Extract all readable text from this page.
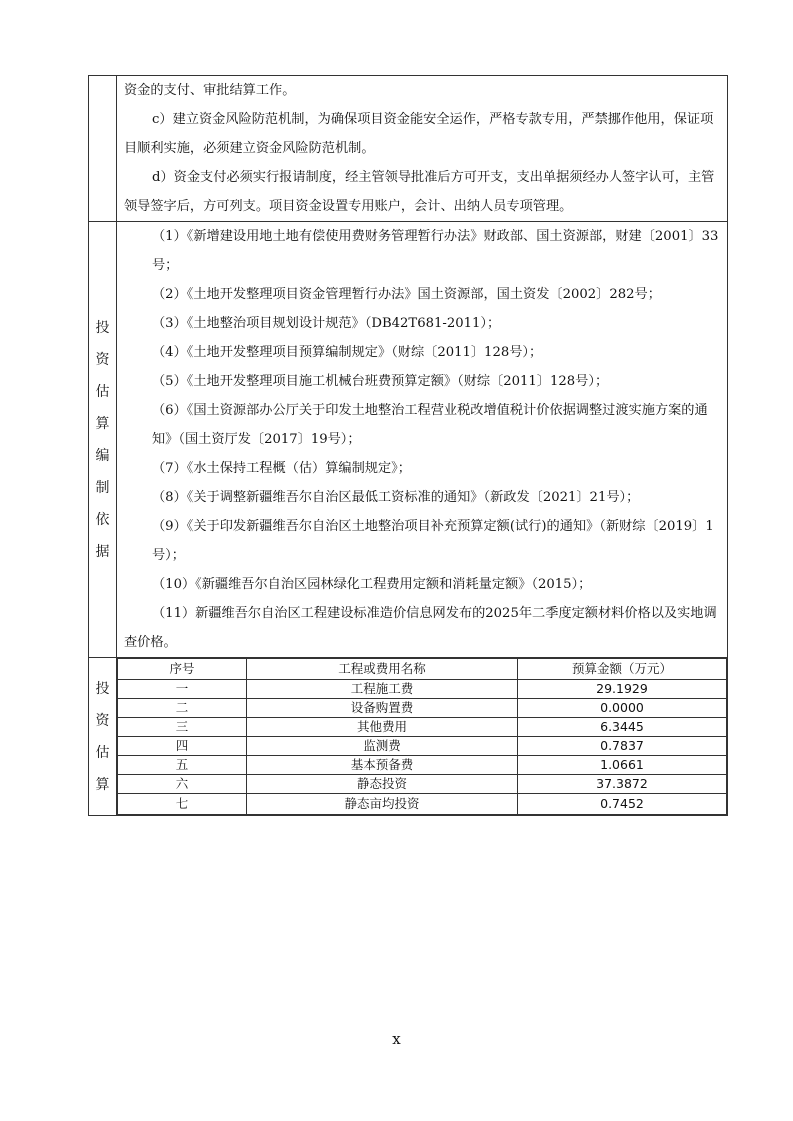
资金的支付、审批结算工作。

c）建立资金风险防范机制，为确保项目资金能安全运作，严格专款专用，严禁挪作他用，保证项目顺利实施，必须建立资金风险防范机制。

d）资金支付必须实行报请制度，经主管领导批准后方可开支，支出单据须经办人签字认可，主管领导签字后，方可列支。项目资金设置专用账户，会计、出纳人员专项管理。

投
资
估
算
编
制
依
据

（1）《新增建设用地土地有偿使用费财务管理暂行办法》财政部、国土资源部，财建〔2001〕33号；

（2）《土地开发整理项目资金管理暂行办法》国土资源部，国土资发〔2002〕282号；

（3）《土地整治项目规划设计规范》（DB42T681-2011）；

（4）《土地开发整理项目预算编制规定》（财综〔2011〕128号）；

（5）《土地开发整理项目施工机械台班费预算定额》（财综〔2011〕128号）；

（6）《国土资源部办公厅关于印发土地整治工程营业税改增值税计价依据调整过渡实施方案的通知》（国土资厅发〔2017〕19号）；

（7）《水土保持工程概（估）算编制规定》；

（8）《关于调整新疆维吾尔自治区最低工资标准的通知》（新政发〔2021〕21号）；

（9）《关于印发新疆维吾尔自治区土地整治项目补充预算定额(试行)的通知》（新财综〔2019〕1号）；

（10）《新疆维吾尔自治区园林绿化工程费用定额和消耗量定额》（2015）；

（11）新疆维吾尔自治区工程建设标准造价信息网发布的2025年二季度定额材料价格以及实地调查价格。

投
资
估
算

序号	工程或费用名称	预算金额（万元）
一	工程施工费	29.1929
二	设备购置费	0.0000
三	其他费用	6.3445
四	监测费	0.7837
五	基本预备费	1.0661
六	静态投资	37.3872
七	静态亩均投资	0.7452
x
